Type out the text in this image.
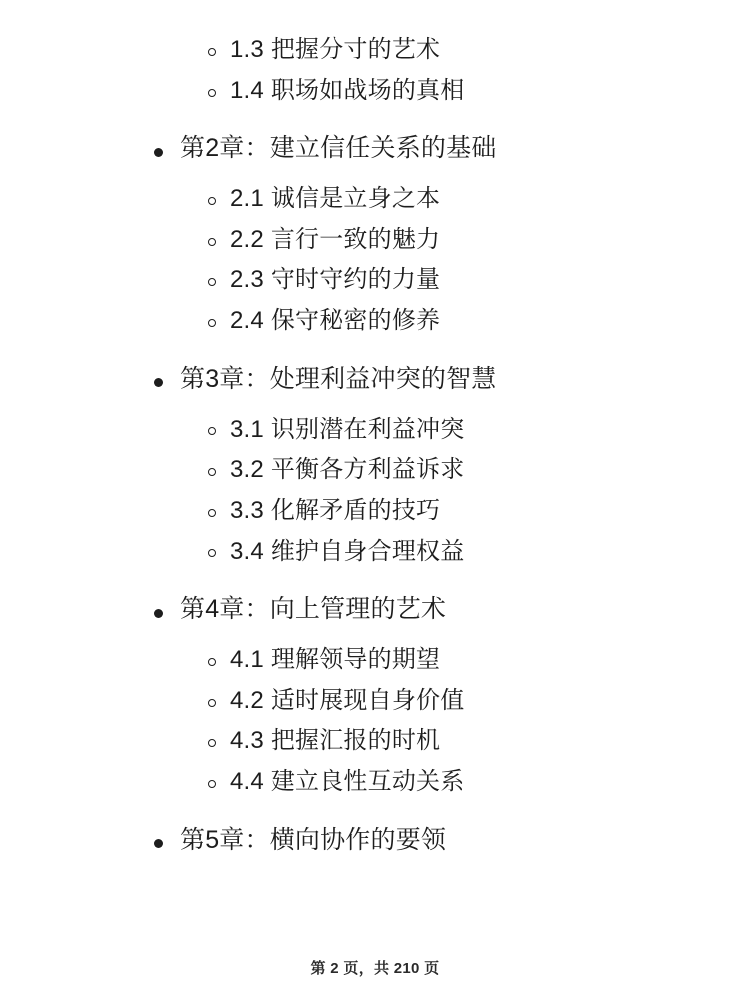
1.3 把握分寸的艺术
1.4 职场如战场的真相
第2章：建立信任关系的基础
2.1 诚信是立身之本
2.2 言行一致的魅力
2.3 守时守约的力量
2.4 保守秘密的修养
第3章：处理利益冲突的智慧
3.1 识别潜在利益冲突
3.2 平衡各方利益诉求
3.3 化解矛盾的技巧
3.4 维护自身合理权益
第4章：向上管理的艺术
4.1 理解领导的期望
4.2 适时展现自身价值
4.3 把握汇报的时机
4.4 建立良性互动关系
第5章：横向协作的要领
第 2 页，共 210 页
